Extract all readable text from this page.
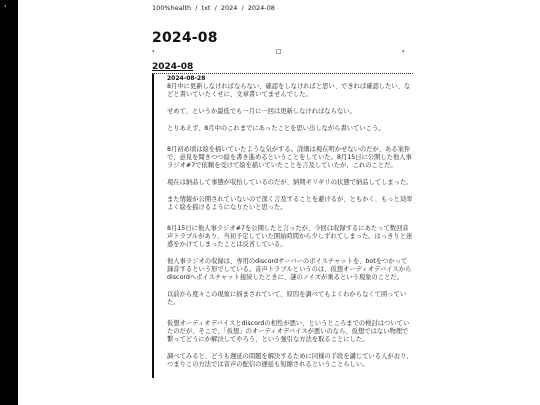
‹	100%health / txt / 2024 / 2024-08
2024-08
‹	□	›
2024-08
2024-08-28

8月中に更新しなければならない、確認をしなければと思い、できれば確認したい、などと書いていたくせに、文章書いてませんでした。

せめて、というか最低でも一月に一回は更新しなければならない。

とりあえず、8月中のこれまでにあったことを思い出しながら書いていこう。

8月初め頃は絵を描いていたような気がする。詳細は現在明かせないのだが、ある案件で、意見を聞きつつ絵を書き進めるということをしていた。8月15日に公開した他人事ラジオ#7で依頼を受けて絵を描いていたことを言及していたが、これのことだ。

現在は納品して事態が収拾しているのだが、納期ギリギリの状態で納品してしまった。

また情報が公開されていないので深く言及することを避けるが、ともかく、もっと効率よく絵を描けるようになりたいと思った。

8月15日に他人事ラジオ#7を公開したと言ったが、今回は収録するにあたって数回音声トラブルがあり、当初予定していた開始時間から少しずれてしまった。はっきりと迷惑をかけてしまったことは反省している。

他人事ラジオの収録は、専用のdiscordサーバーのボイスチャットを、botをつかって録音するという形でしている。音声トラブルというのは、仮想オーディオデバイスからdiscordへボイスチャット接続したときに、謎のノイズが乗るという現象のことだ。

以前から度々この現象に悩まされていて、原因を調べてもよくわからなくて困っていた。

仮想オーディオデバイスとdiscordの相性が悪い、というところまでの検討はついていたのだが、そこで、「仮想」のオーディオデバイスが悪いのなら、仮想ではない物理で繋ってどうにか解決してやろう、という強引な方法を取ることにした。

調べてみると、どうも遅延の問題を解決するために同様の手段を講じている人がおり、つまりこの方法では音声の配信の遅延も短縮されるということらしい。
